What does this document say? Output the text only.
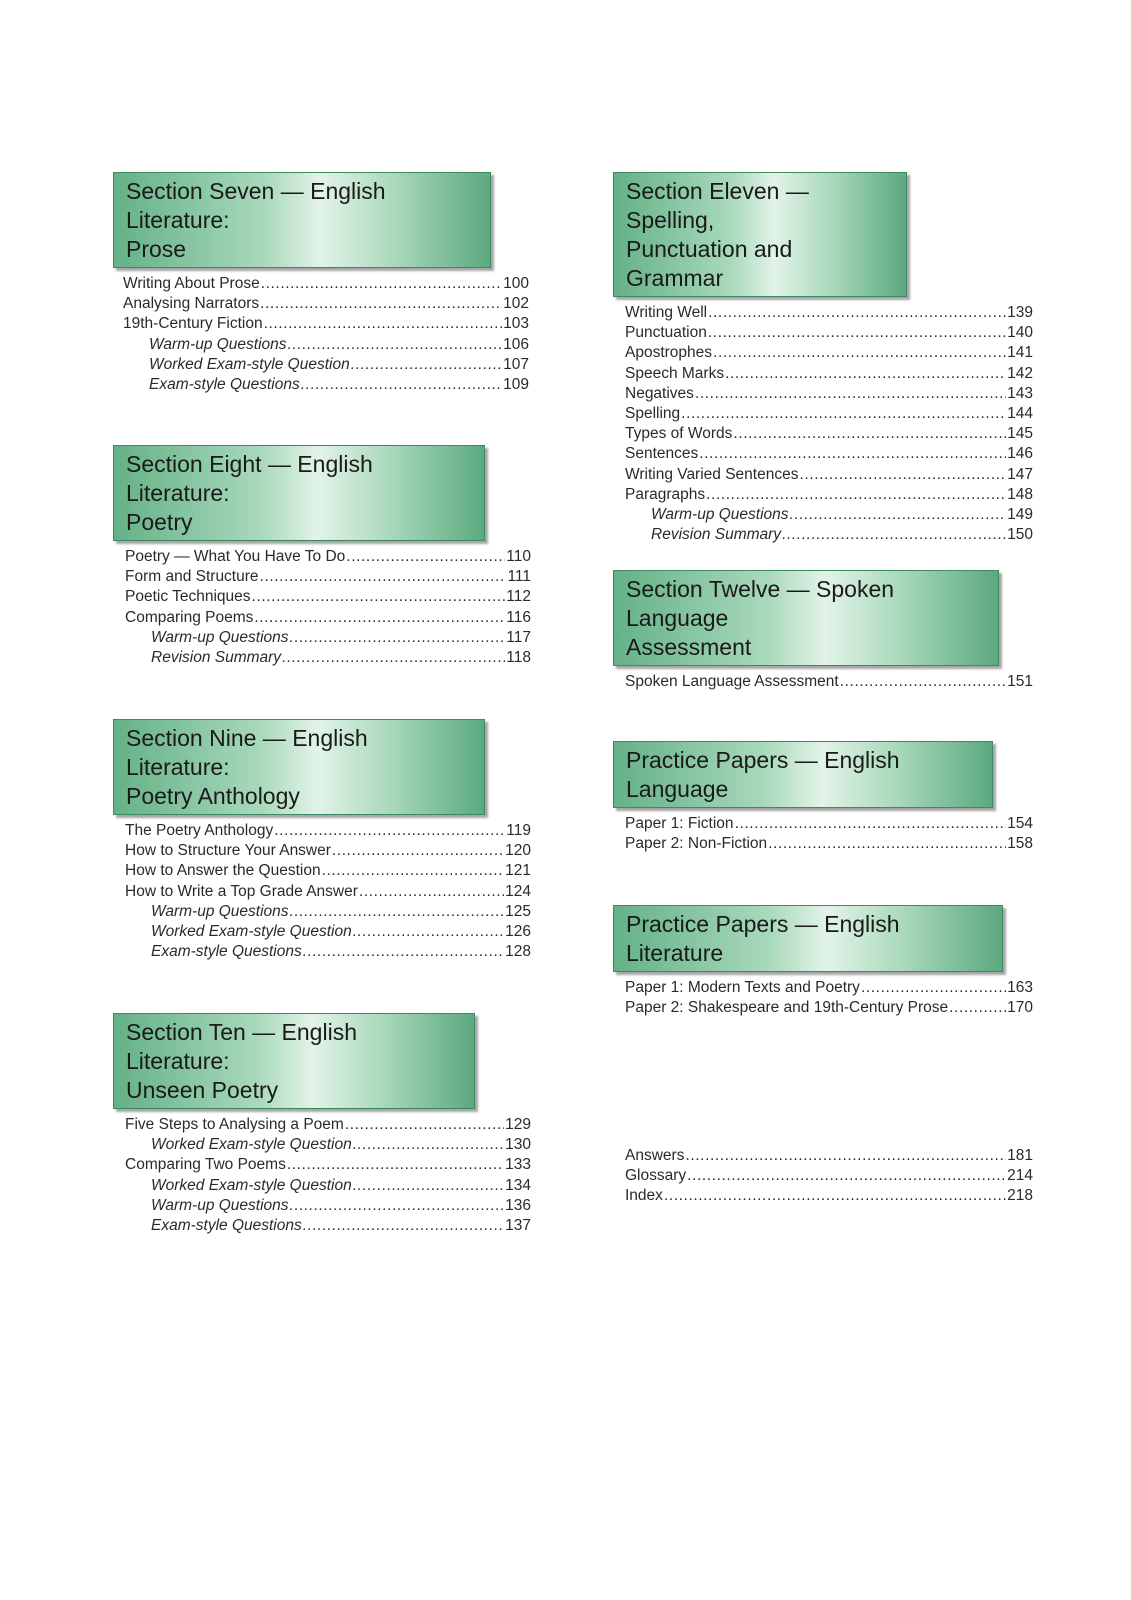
Section Seven — English Literature:
Prose
Writing About Prose .....	100
Analysing Narrators .....	102
19th-Century Fiction .....	103
Warm-up Questions .....	106
Worked Exam-style Question .....	107
Exam-style Questions .....	109
Section Eight — English Literature:
Poetry
Poetry — What You Have To Do .....	110
Form and Structure .....	111
Poetic Techniques .....	112
Comparing Poems .....	116
Warm-up Questions .....	117
Revision Summary .....	118
Section Nine — English Literature:
Poetry Anthology
The Poetry Anthology .....	119
How to Structure Your Answer .....	120
How to Answer the Question .....	121
How to Write a Top Grade Answer .....	124
Warm-up Questions .....	125
Worked Exam-style Question .....	126
Exam-style Questions .....	128
Section Ten — English Literature:
Unseen Poetry
Five Steps to Analysing a Poem .....	129
Worked Exam-style Question .....	130
Comparing Two Poems .....	133
Worked Exam-style Question .....	134
Warm-up Questions .....	136
Exam-style Questions .....	137
Section Eleven — Spelling,
Punctuation and Grammar
Writing Well .....	139
Punctuation .....	140
Apostrophes .....	141
Speech Marks .....	142
Negatives .....	143
Spelling .....	144
Types of Words .....	145
Sentences .....	146
Writing Varied Sentences .....	147
Paragraphs .....	148
Warm-up Questions .....	149
Revision Summary .....	150
Section Twelve — Spoken Language
Assessment
Spoken Language Assessment .....	151
Practice Papers — English Language
Paper 1: Fiction .....	154
Paper 2: Non-Fiction .....	158
Practice Papers — English Literature
Paper 1: Modern Texts and Poetry .....	163
Paper 2: Shakespeare and 19th-Century Prose .....	170
Answers .....	181
Glossary .....	214
Index .....	218
